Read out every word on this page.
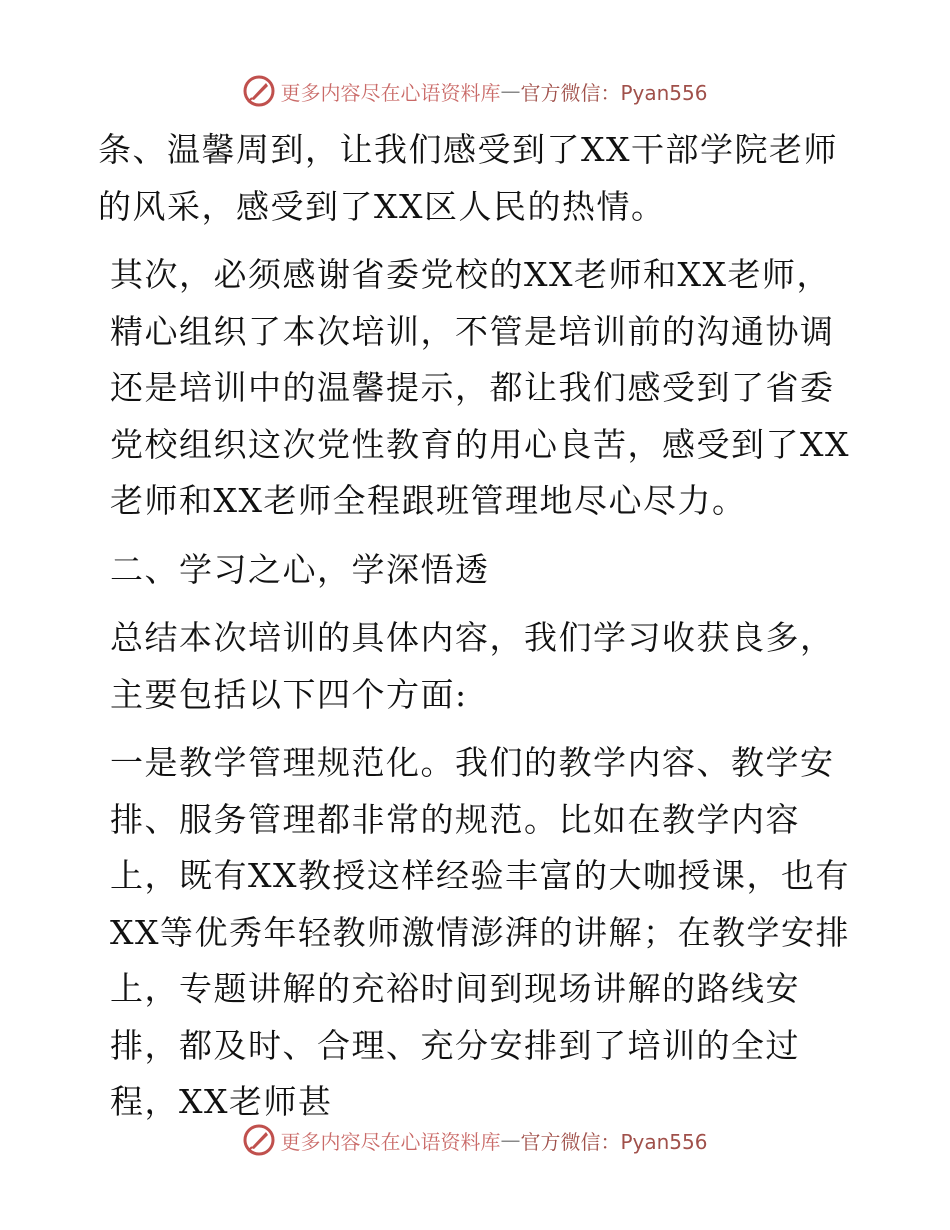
更多内容尽在心语资料库 — 官方微信：Pyan556

条、温馨周到，让我们感受到了XX干部学院老师的风采，感受到了XX区人民的热情。

其次，必须感谢省委党校的XX老师和XX老师，精心组织了本次培训，不管是培训前的沟通协调还是培训中的温馨提示，都让我们感受到了省委党校组织这次党性教育的用心良苦，感受到了XX老师和XX老师全程跟班管理地尽心尽力。

二、学习之心，学深悟透

总结本次培训的具体内容，我们学习收获良多，主要包括以下四个方面:

一是教学管理规范化。我们的教学内容、教学安排、服务管理都非常的规范。比如在教学内容上，既有XX教授这样经验丰富的大咖授课，也有XX等优秀年轻教师激情澎湃的讲解；在教学安排上，专题讲解的充裕时间到现场讲解的路线安排，都及时、合理、充分安排到了培训的全过程，XX老师甚

更多内容尽在心语资料库 — 官方微信：Pyan556
